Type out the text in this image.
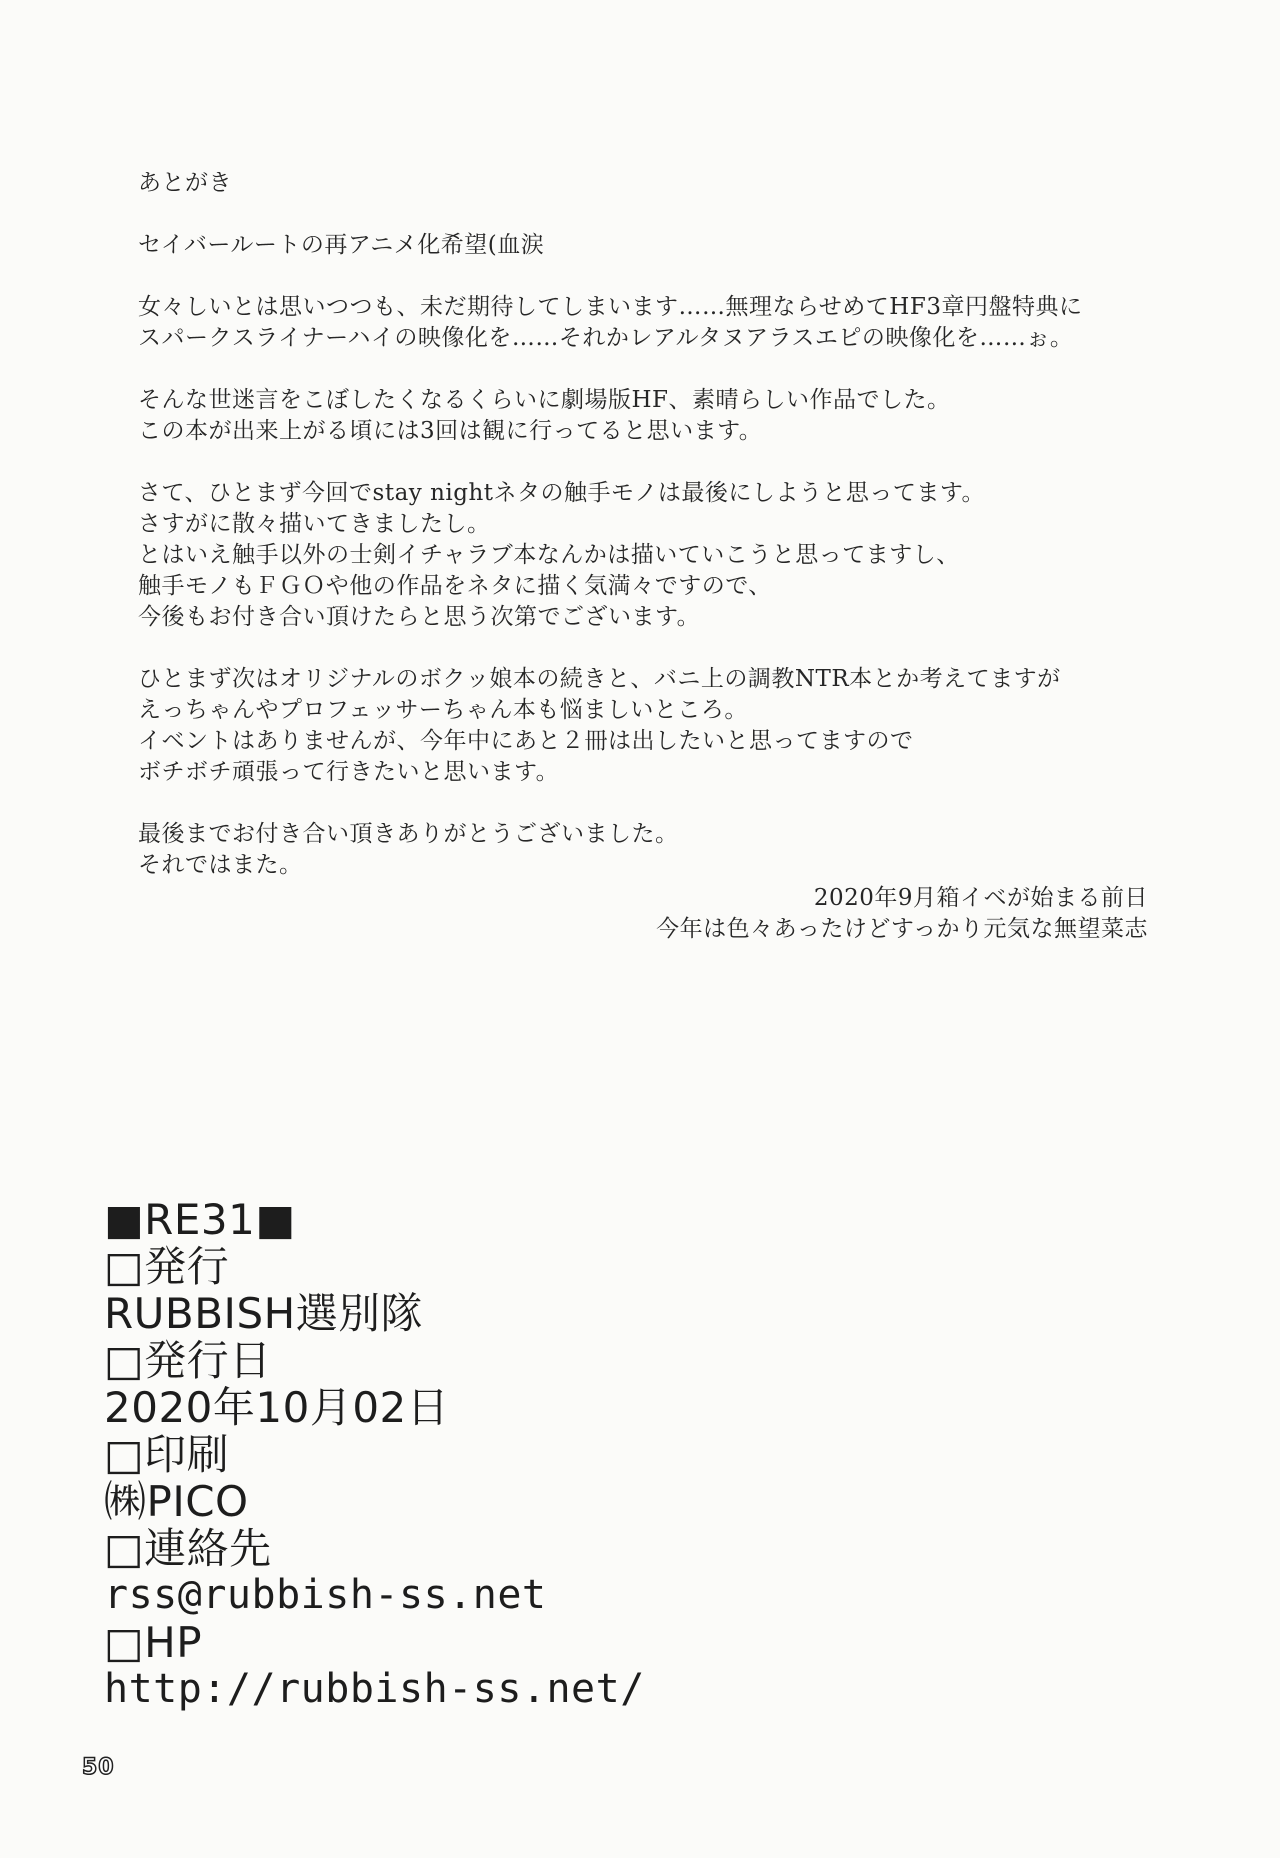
あとがき
セイバールートの再アニメ化希望(血涙
女々しいとは思いつつも、未だ期待してしまいます……無理ならせめてHF3章円盤特典に
スパークスライナーハイの映像化を……それかレアルタヌアラスエピの映像化を……ぉ。
そんな世迷言をこぼしたくなるくらいに劇場版HF、素晴らしい作品でした。
この本が出来上がる頃には3回は観に行ってると思います。
さて、ひとまず今回でstay nightネタの触手モノは最後にしようと思ってます。
さすがに散々描いてきましたし。
とはいえ触手以外の士剣イチャラブ本なんかは描いていこうと思ってますし、
触手モノもＦＧＯや他の作品をネタに描く気満々ですので、
今後もお付き合い頂けたらと思う次第でございます。
ひとまず次はオリジナルのボクッ娘本の続きと、バニ上の調教NTR本とか考えてますが
えっちゃんやプロフェッサーちゃん本も悩ましいところ。
イベントはありませんが、今年中にあと２冊は出したいと思ってますので
ボチボチ頑張って行きたいと思います。
最後までお付き合い頂きありがとうございました。
それではまた。
2020年9月箱イベが始まる前日
今年は色々あったけどすっかり元気な無望菜志
■RE31■
□発行
RUBBISH選別隊
□発行日
2020年10月02日
□印刷
㈱PICO
□連絡先
rss@rubbish-ss.net
□HP
http://rubbish-ss.net/
50
